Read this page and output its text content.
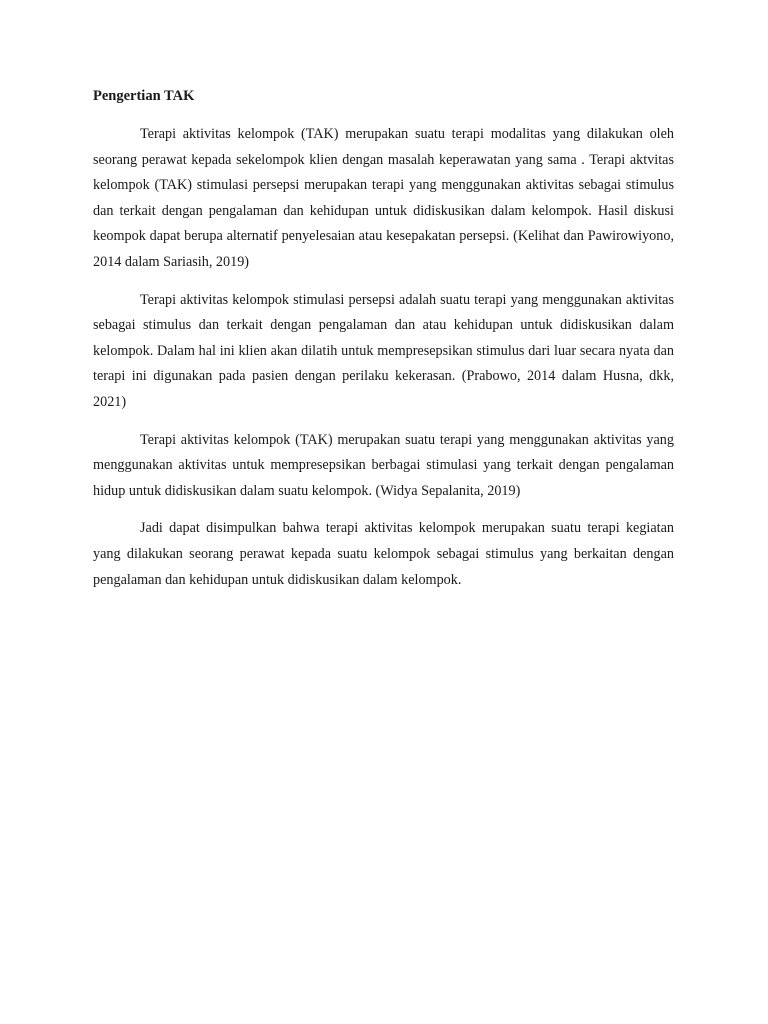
Pengertian TAK

Terapi aktivitas kelompok (TAK) merupakan suatu terapi modalitas yang dilakukan oleh seorang perawat kepada sekelompok klien dengan masalah keperawatan yang sama . Terapi aktvitas kelompok (TAK) stimulasi persepsi merupakan terapi yang menggunakan aktivitas sebagai stimulus dan terkait dengan pengalaman dan kehidupan untuk didiskusikan dalam kelompok. Hasil diskusi keompok dapat berupa alternatif penyelesaian atau kesepakatan persepsi. (Kelihat dan Pawirowiyono, 2014 dalam Sariasih, 2019)

Terapi aktivitas kelompok stimulasi persepsi adalah suatu terapi yang menggunakan aktivitas sebagai stimulus dan terkait dengan pengalaman dan atau kehidupan untuk didiskusikan dalam kelompok. Dalam hal ini klien akan dilatih untuk mempresepsikan stimulus dari luar secara nyata dan terapi ini digunakan pada pasien dengan perilaku kekerasan. (Prabowo, 2014 dalam Husna, dkk, 2021)

Terapi aktivitas kelompok (TAK) merupakan suatu terapi yang menggunakan aktivitas yang menggunakan aktivitas untuk mempresepsikan berbagai stimulasi yang terkait dengan pengalaman hidup untuk didiskusikan dalam suatu kelompok. (Widya Sepalanita, 2019)

Jadi dapat disimpulkan bahwa terapi aktivitas kelompok merupakan suatu terapi kegiatan yang dilakukan seorang perawat kepada suatu kelompok sebagai stimulus yang berkaitan dengan pengalaman dan kehidupan untuk didiskusikan dalam kelompok.
